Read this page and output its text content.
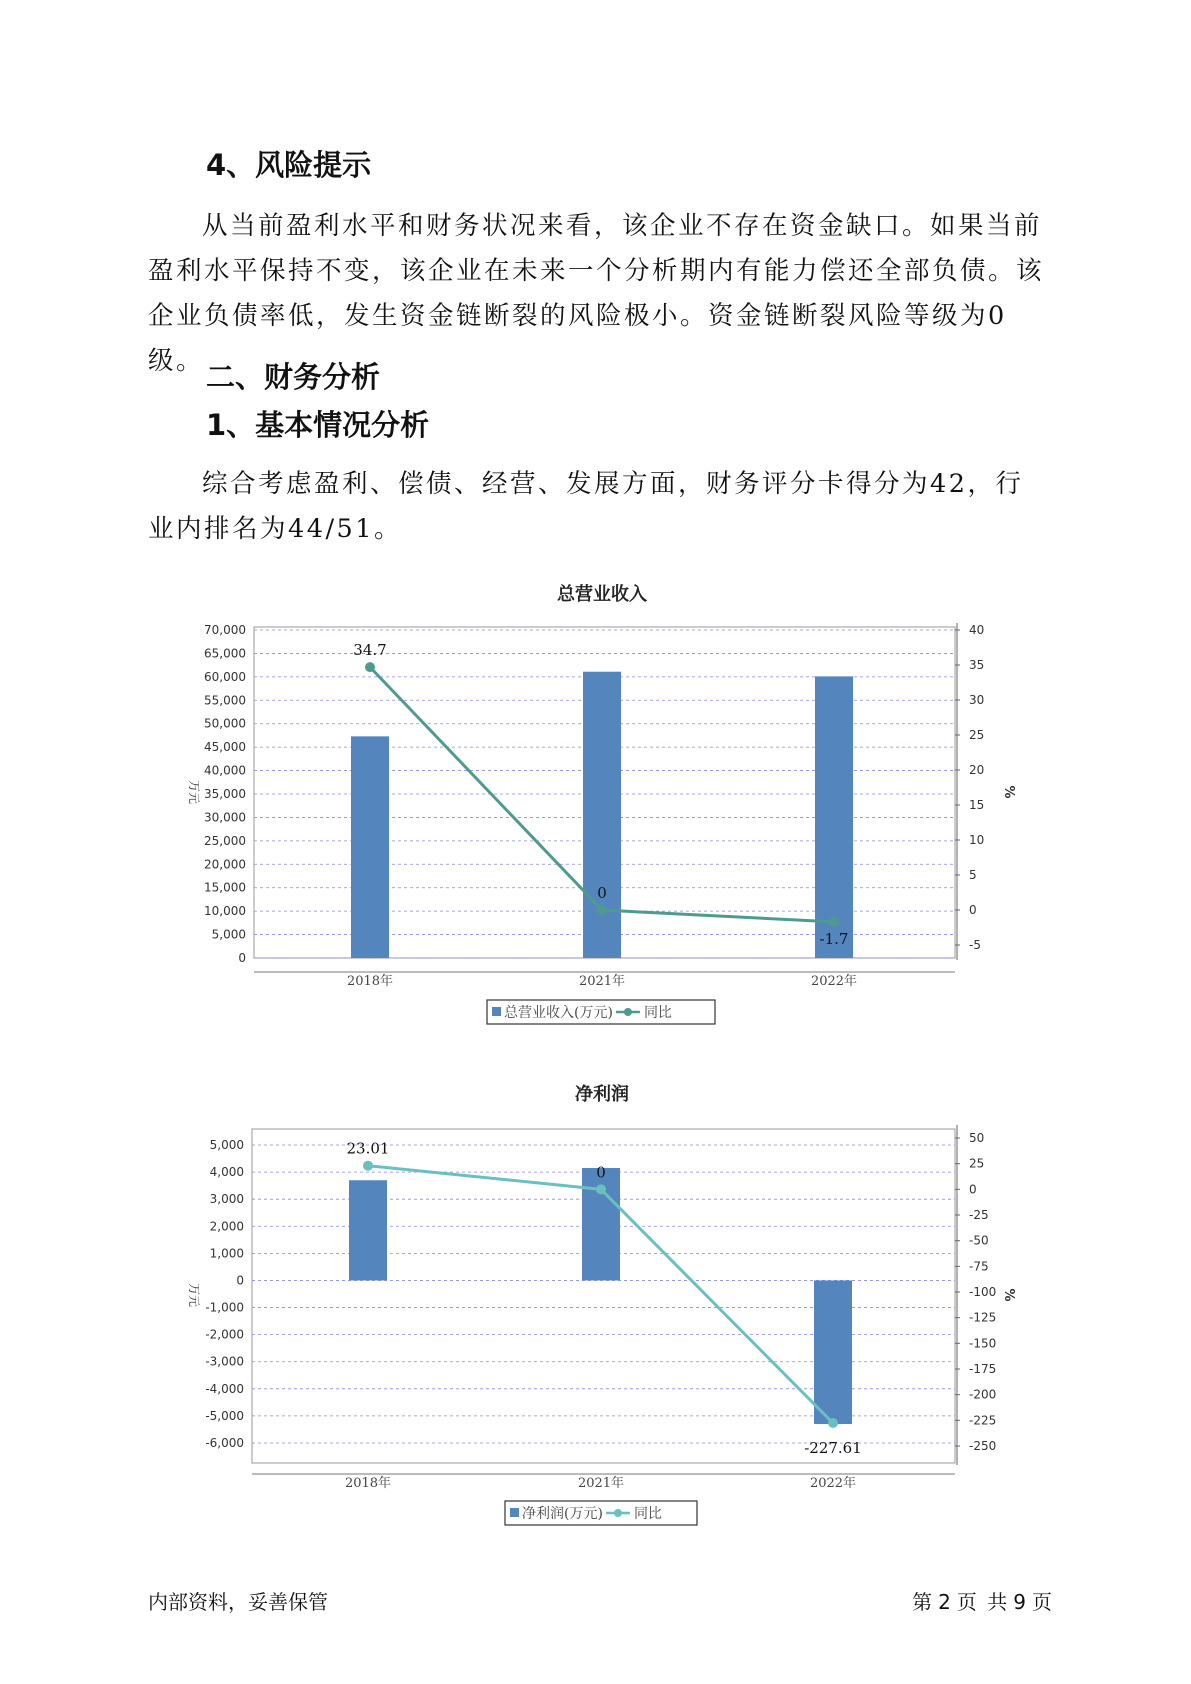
4、风险提示

从当前盈利水平和财务状况来看，该企业不存在资金缺口。如果当前盈利水平保持不变，该企业在未来一个分析期内有能力偿还全部负债。该企业负债率低，发生资金链断裂的风险极小。资金链断裂风险等级为0级。 二、财务分析
1、基本情况分析

综合考虑盈利、偿债、经营、发展方面，财务评分卡得分为42，行业内排名为44/51。

总营业收入
0
5,000
10,000
15,000
20,000
25,000
30,000
35,000
40,000
45,000
50,000
55,000
60,000
65,000
70,000
-5
0
5
10
15
20
25
30
35
40
万元	%
34.7
0
-1.7
2018年	2021年	2022年
总营业收入(万元) 同比
净利润
5,000
4,000
3,000
2,000
1,000
0
-1,000
-2,000
-3,000
-4,000
-5,000
-6,000
50
25
0
-25
-50
-75
-100
-125
-150
-175
-200
-225
-250
万元	%
23.01
0
-227.61
2018年	2021年	2022年
净利润(万元) 同比
内部资料，妥善保管	第 2 页 共 9 页
